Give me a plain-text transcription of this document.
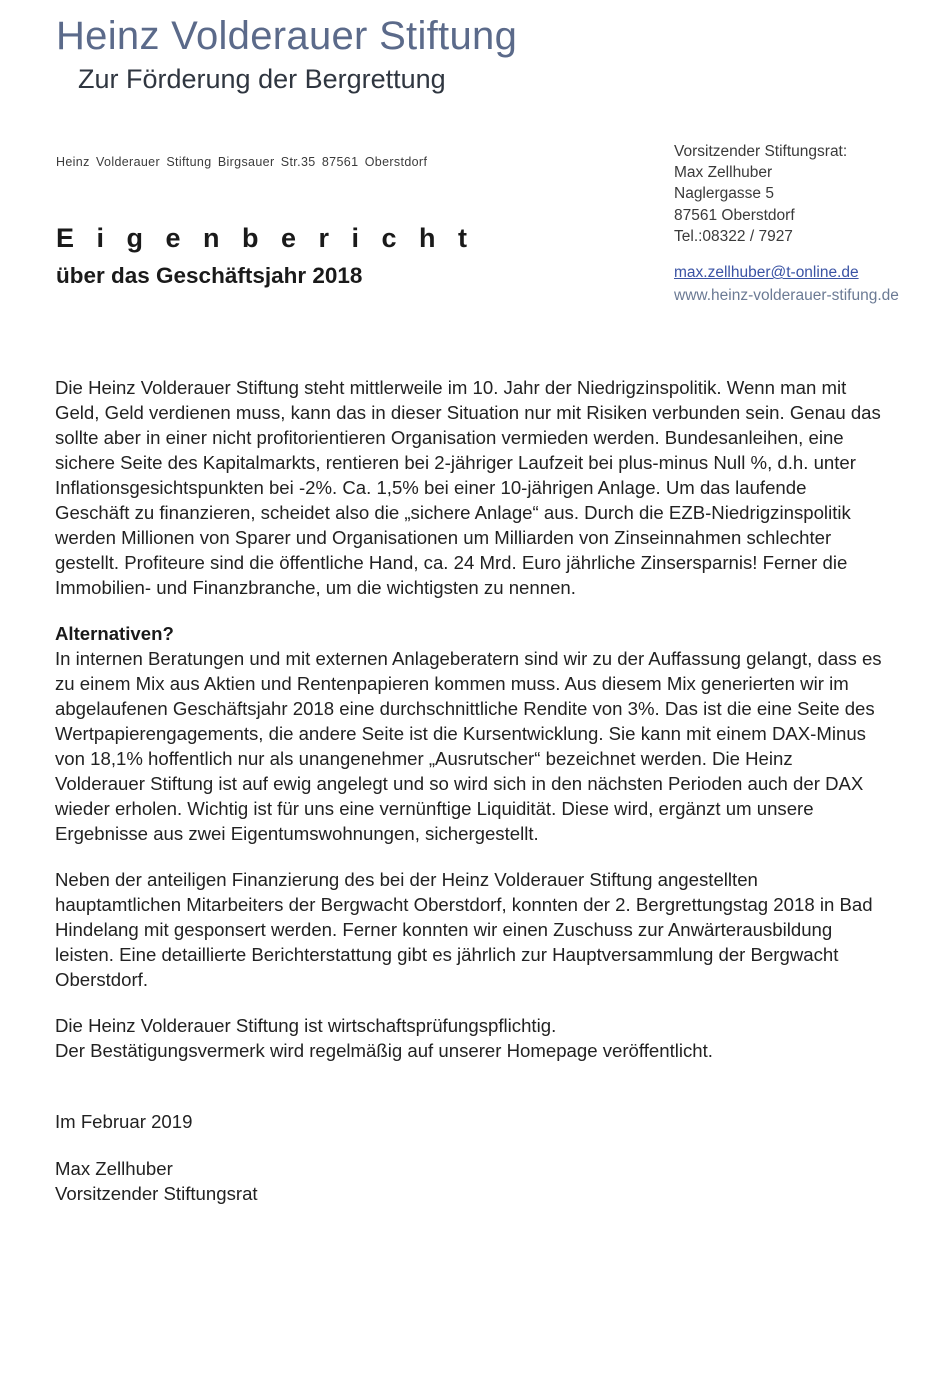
Heinz Volderauer Stiftung
Zur Förderung der Bergrettung
Heinz Volderauer Stiftung Birgsauer Str.35 87561 Oberstdorf
E i g e n b e r i c h t
über das Geschäftsjahr 2018
Vorsitzender Stiftungsrat:
Max Zellhuber
Naglergasse 5
87561 Oberstdorf
Tel.:08322 / 7927
max.zellhuber@t-online.de
www.heinz-volderauer-stifung.de

Die Heinz Volderauer Stiftung steht mittlerweile im 10. Jahr der Niedrigzinspolitik. Wenn man mit Geld, Geld verdienen muss, kann das in dieser Situation nur mit Risiken verbunden sein. Genau das sollte aber in einer nicht profitorientieren Organisation vermieden werden. Bundesanleihen, eine sichere Seite des Kapitalmarkts, rentieren bei 2-jähriger Laufzeit bei plus-minus Null %, d.h. unter Inflationsgesichtspunkten bei -2%. Ca. 1,5% bei einer 10-jährigen Anlage. Um das laufende Geschäft zu finanzieren, scheidet also die „sichere Anlage“ aus. Durch die EZB-Niedrigzinspolitik werden Millionen von Sparer und Organisationen um Milliarden von Zinseinnahmen schlechter gestellt. Profiteure sind die öffentliche Hand, ca. 24 Mrd. Euro jährliche Zinsersparnis! Ferner die Immobilien- und Finanzbranche, um die wichtigsten zu nennen.

Alternativen?

In internen Beratungen und mit externen Anlageberatern sind wir zu der Auffassung gelangt, dass es zu einem Mix aus Aktien und Rentenpapieren kommen muss. Aus diesem Mix generierten wir im abgelaufenen Geschäftsjahr 2018 eine durchschnittliche Rendite von 3%. Das ist die eine Seite des Wertpapierengagements, die andere Seite ist die Kursentwicklung. Sie kann mit einem DAX-Minus von 18,1% hoffentlich nur als unangenehmer „Ausrutscher“ bezeichnet werden. Die Heinz Volderauer Stiftung ist auf ewig angelegt und so wird sich in den nächsten Perioden auch der DAX wieder erholen. Wichtig ist für uns eine vernünftige Liquidität. Diese wird, ergänzt um unsere Ergebnisse aus zwei Eigentumswohnungen, sichergestellt.

Neben der anteiligen Finanzierung des bei der Heinz Volderauer Stiftung angestellten hauptamtlichen Mitarbeiters der Bergwacht Oberstdorf, konnten der 2. Bergrettungstag 2018 in Bad Hindelang mit gesponsert werden. Ferner konnten wir einen Zuschuss zur Anwärterausbildung leisten. Eine detaillierte Berichterstattung gibt es jährlich zur Hauptversammlung der Bergwacht Oberstdorf.

Die Heinz Volderauer Stiftung ist wirtschaftsprüfungspflichtig.

Der Bestätigungsvermerk wird regelmäßig auf unserer Homepage veröffentlicht.

Im Februar 2019

Max Zellhuber

Vorsitzender Stiftungsrat
